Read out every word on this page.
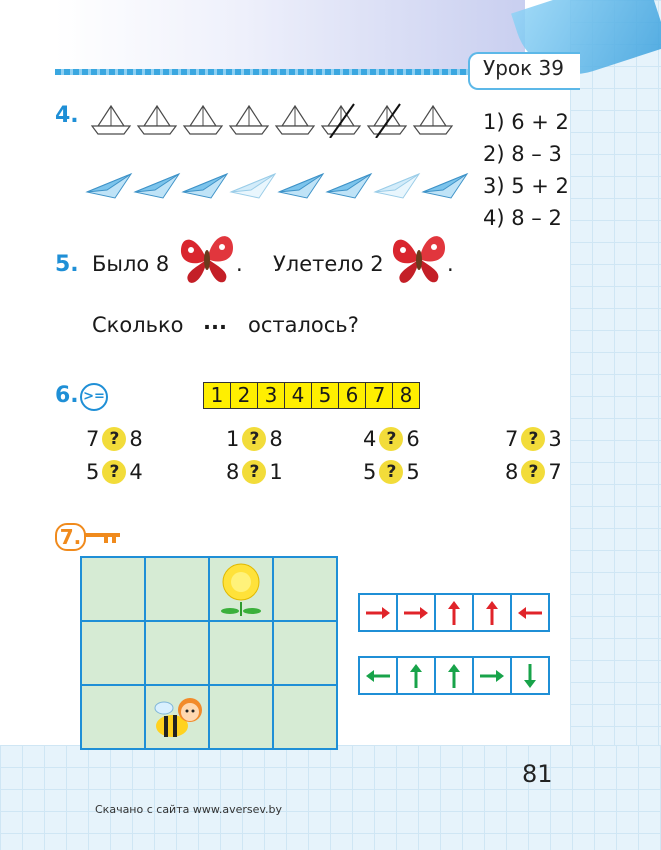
Урок 39
4.	1) 6 + 2
2) 8 – 3
3) 5 + 2
4) 8 – 2
5. Было 8	. Улетело 2	.
Сколько ... осталось?
6. >=	1 2 3 4 5 6 7 8
7 ? 8	1 ? 8	4 ? 6	7 ? 3
5 ? 4	8 ? 1	5 ? 5	8 ? 7
7.
81
Скачано с сайта www.aversev.by
